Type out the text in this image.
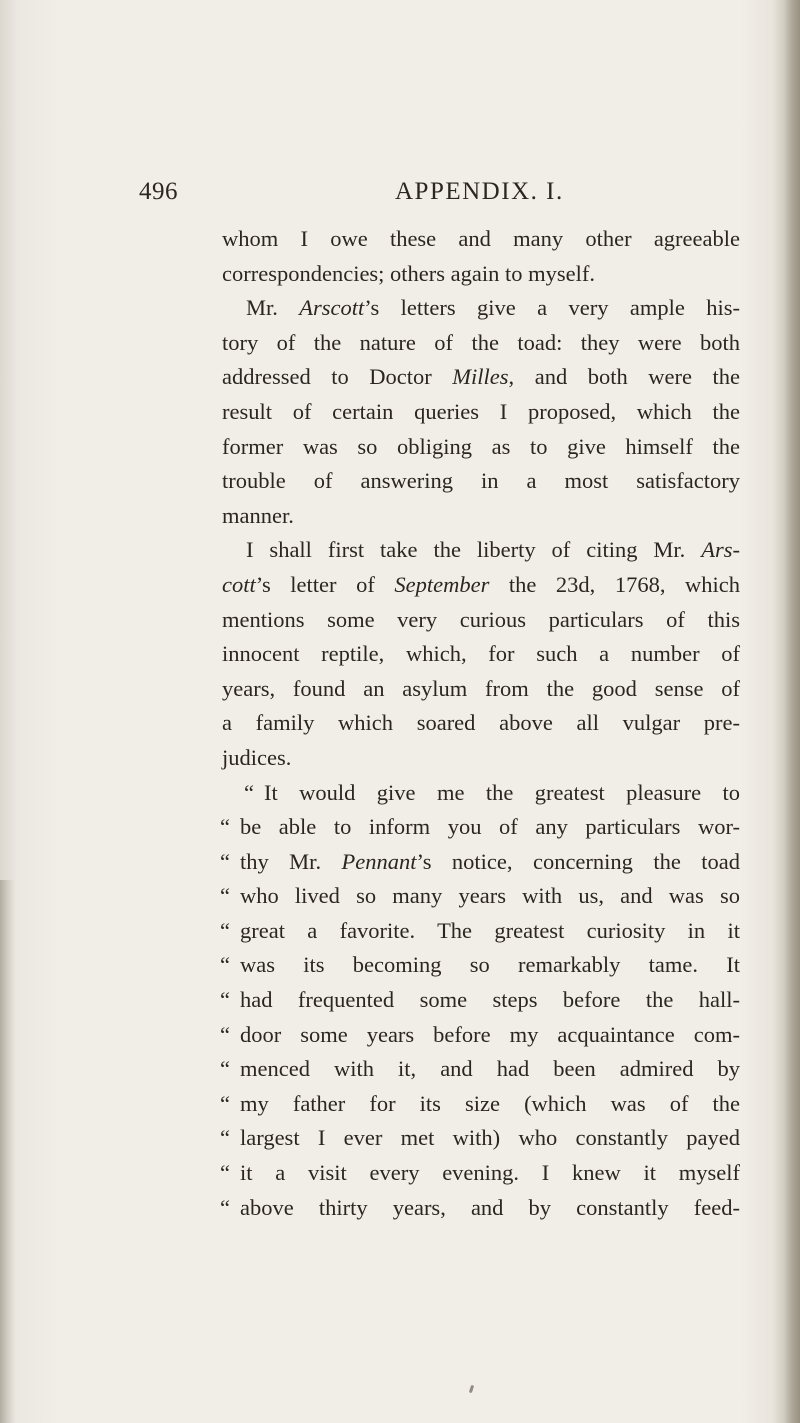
496	APPENDIX. I.
whom I owe these and many other agreeable
correspondencies; others again to myself.
Mr. Arscott’s letters give a very ample his-
tory of the nature of the toad: they were both
addressed to Doctor Milles, and both were the
result of certain queries I proposed, which the
former was so obliging as to give himself the
trouble of answering in a most satisfactory
manner.
I shall first take the liberty of citing Mr. Ars-
cott’s letter of September the 23d, 1768, which
mentions some very curious particulars of this
innocent reptile, which, for such a number of
years, found an asylum from the good sense of
a family which soared above all vulgar pre-
judices.
“ It would give me the greatest pleasure to
“ be able to inform you of any particulars wor-
“ thy Mr. Pennant’s notice, concerning the toad
“ who lived so many years with us, and was so
“ great a favorite. The greatest curiosity in it
“ was its becoming so remarkably tame. It
“ had frequented some steps before the hall-
“ door some years before my acquaintance com-
“ menced with it, and had been admired by
“ my father for its size (which was of the
“ largest I ever met with) who constantly payed
“ it a visit every evening. I knew it myself
“ above thirty years, and by constantly feed-
